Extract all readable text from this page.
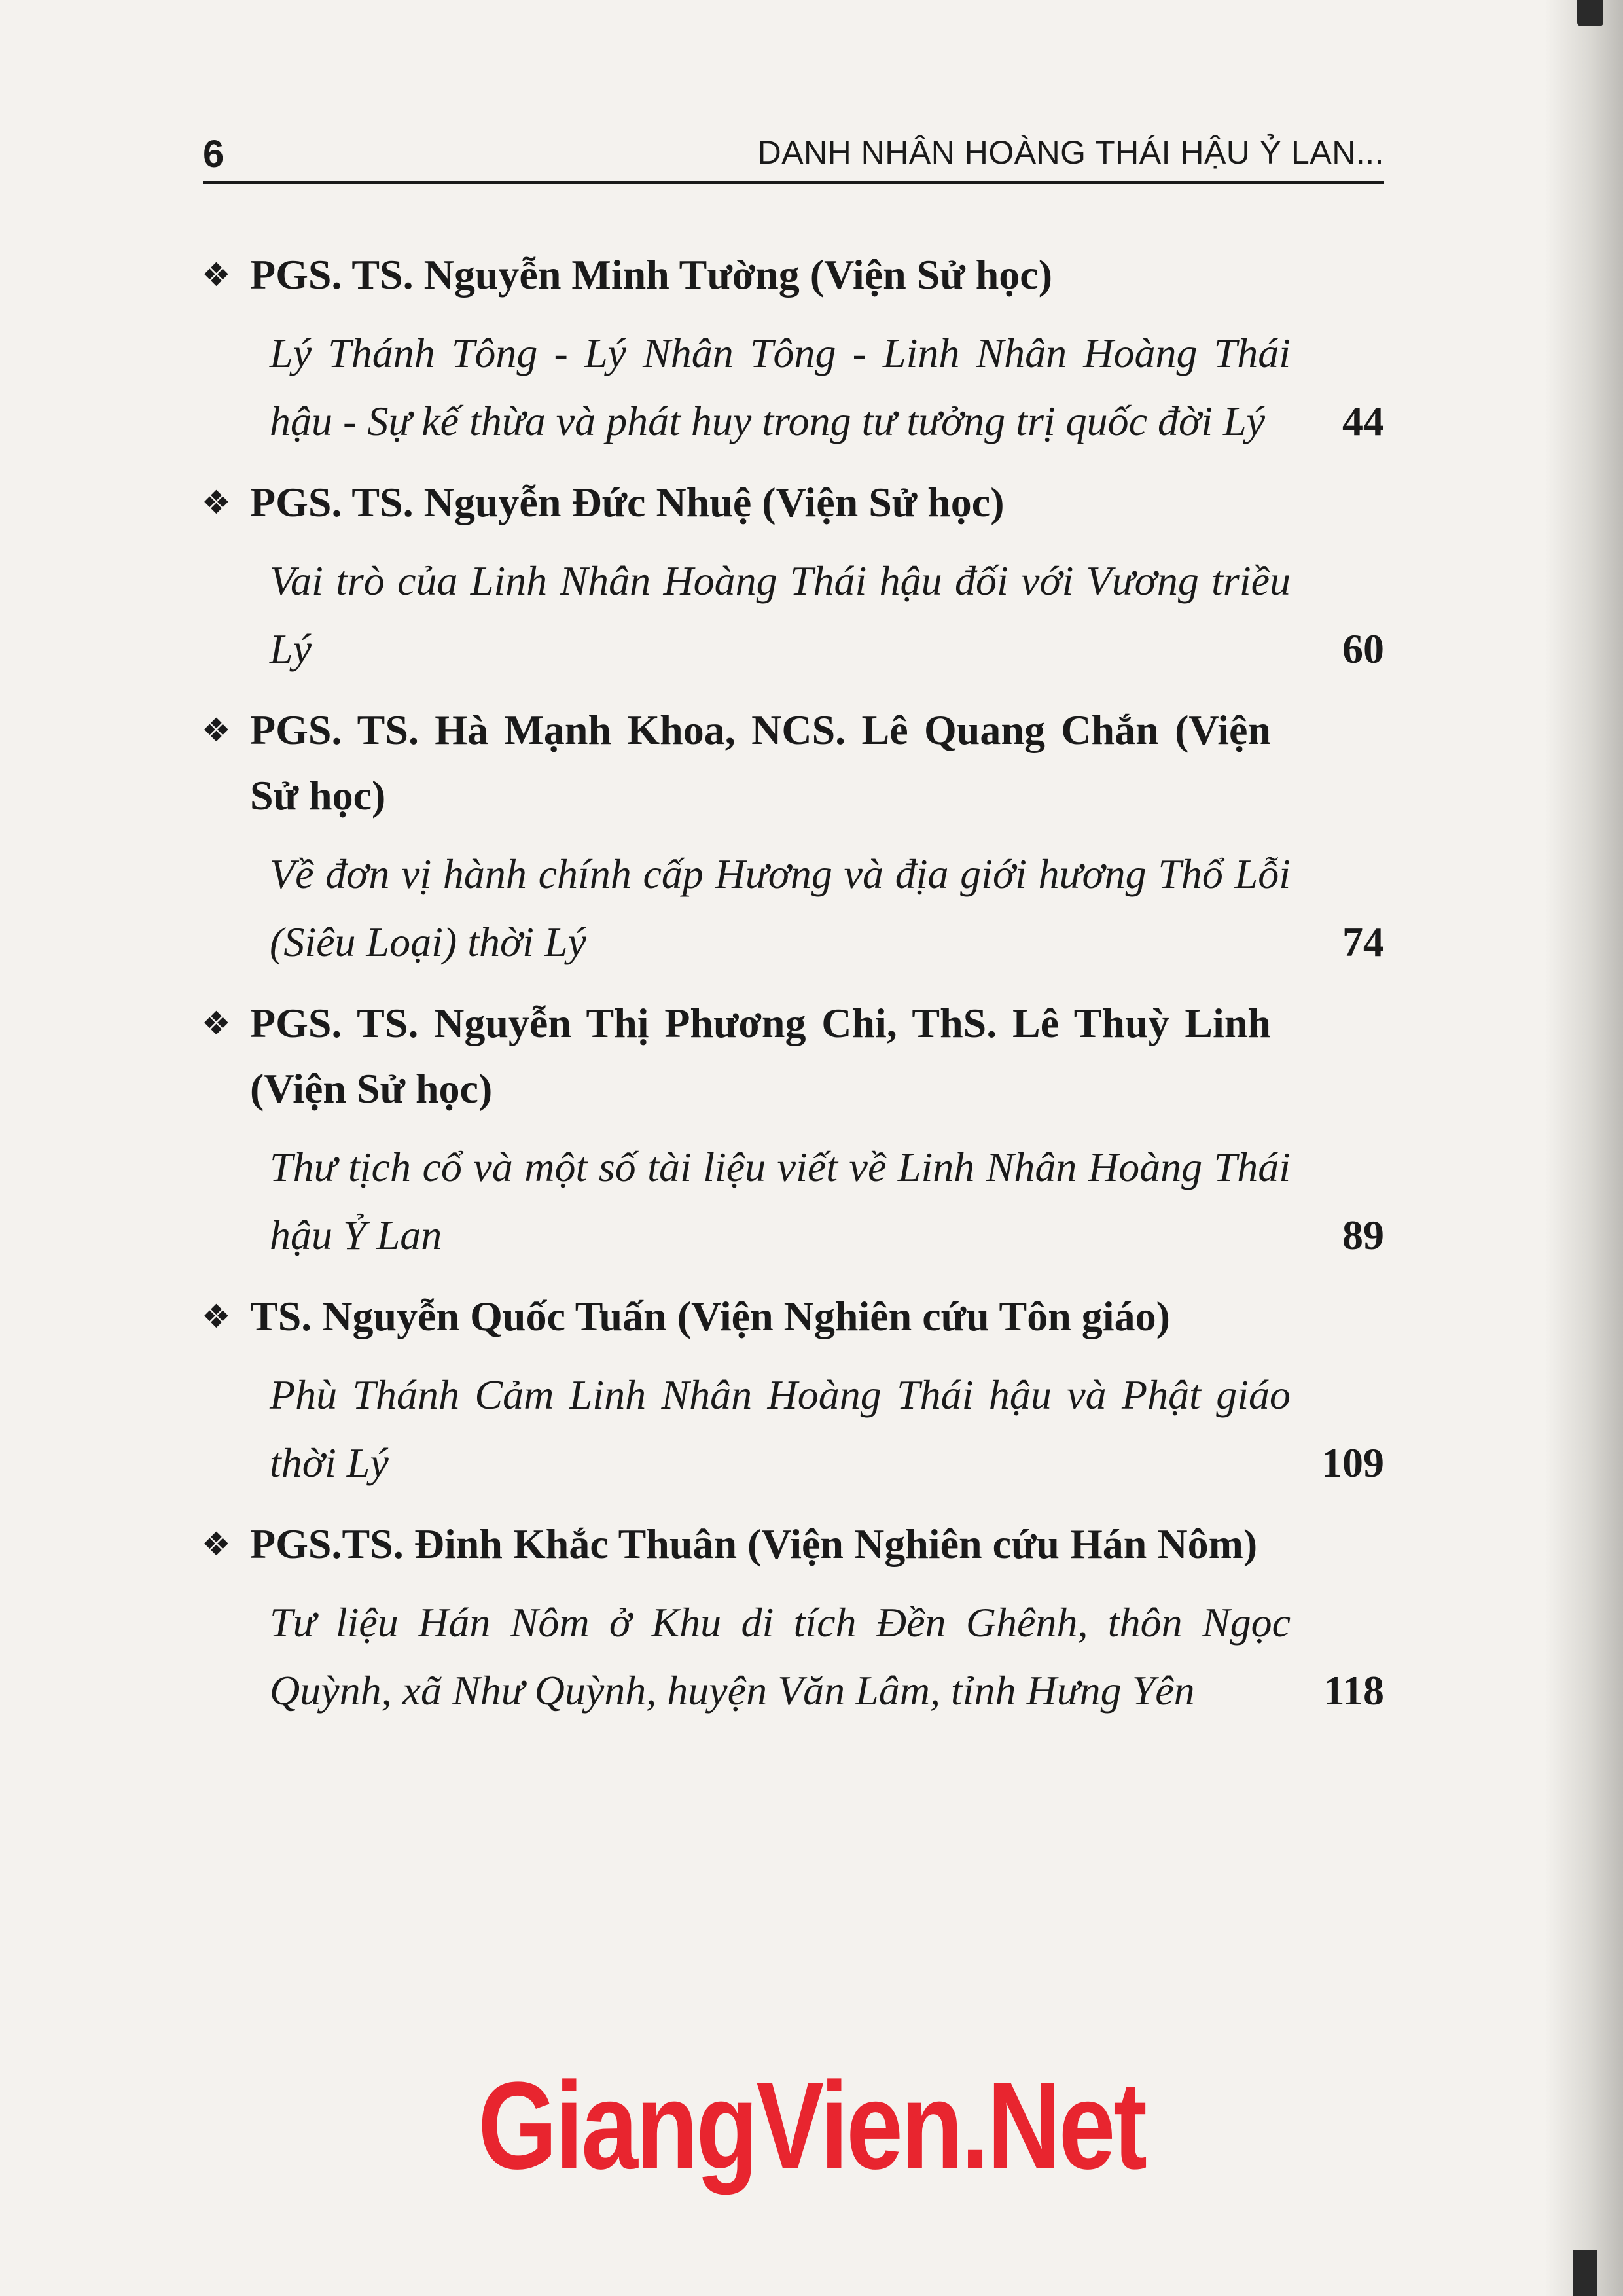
6	DANH NHÂN HOÀNG THÁI HẬU Ỷ LAN...
❖ PGS. TS. Nguyễn Minh Tường (Viện Sử học)
Lý Thánh Tông - Lý Nhân Tông - Linh Nhân Hoàng Thái hậu - Sự kế thừa và phát huy trong tư tưởng trị quốc đời Lý	44
❖ PGS. TS. Nguyễn Đức Nhuệ (Viện Sử học)
Vai trò của Linh Nhân Hoàng Thái hậu đối với Vương triều Lý	60
❖ PGS. TS. Hà Mạnh Khoa, NCS. Lê Quang Chắn (Viện Sử học)
Về đơn vị hành chính cấp Hương và địa giới hương Thổ Lỗi (Siêu Loại) thời Lý	74
❖ PGS. TS. Nguyễn Thị Phương Chi, ThS. Lê Thuỳ Linh (Viện Sử học)
Thư tịch cổ và một số tài liệu viết về Linh Nhân Hoàng Thái hậu Ỷ Lan	89
❖ TS. Nguyễn Quốc Tuấn (Viện Nghiên cứu Tôn giáo)
Phù Thánh Cảm Linh Nhân Hoàng Thái hậu và Phật giáo thời Lý	109
❖ PGS.TS. Đinh Khắc Thuân (Viện Nghiên cứu Hán Nôm)
Tư liệu Hán Nôm ở Khu di tích Đền Ghênh, thôn Ngọc Quỳnh, xã Như Quỳnh, huyện Văn Lâm, tỉnh Hưng Yên	118
GiangVien.Net
